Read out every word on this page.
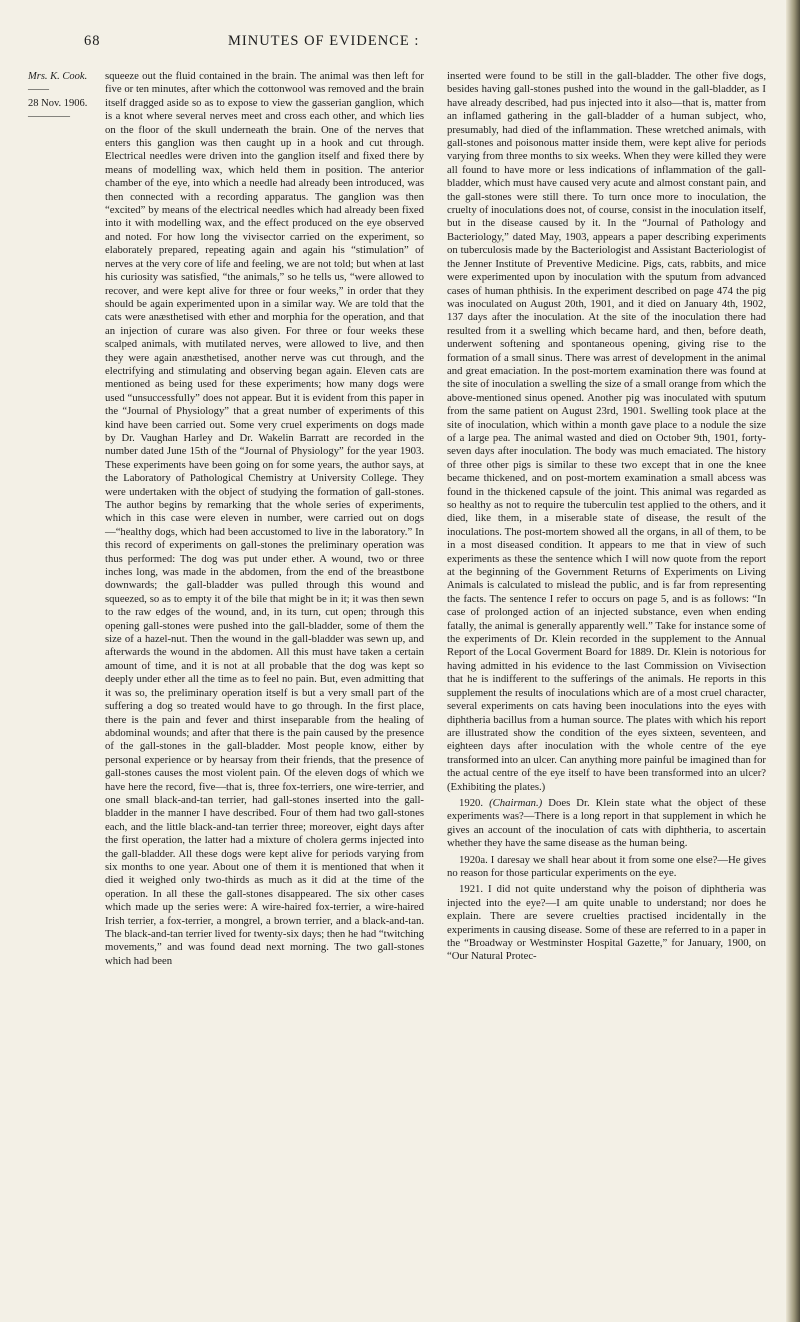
68	MINUTES OF EVIDENCE :
Mrs. K. Cook.
——
28 Nov. 1906.
————

squeeze out the fluid contained in the brain. The animal was then left for five or ten minutes, after which the cottonwool was removed and the brain itself dragged aside so as to expose to view the gasserian ganglion, which is a knot where several nerves meet and cross each other, and which lies on the floor of the skull underneath the brain. One of the nerves that enters this ganglion was then caught up in a hook and cut through. Electrical needles were driven into the ganglion itself and fixed there by means of modelling wax, which held them in position. The anterior chamber of the eye, into which a needle had already been introduced, was then connected with a recording apparatus. The ganglion was then “excited” by means of the electrical needles which had already been fixed into it with modelling wax, and the effect produced on the eye observed and noted. For how long the vivisector carried on the experiment, so elaborately prepared, repeating again and again his “stimulation” of nerves at the very core of life and feeling, we are not told; but when at last his curiosity was satisfied, “the animals,” so he tells us, “were allowed to recover, and were kept alive for three or four weeks,” in order that they should be again experimented upon in a similar way. We are told that the cats were anæsthetised with ether and morphia for the operation, and that an injection of curare was also given. For three or four weeks these scalped animals, with mutilated nerves, were allowed to live, and then they were again anæsthetised, another nerve was cut through, and the electrifying and stimulating and observing began again. Eleven cats are mentioned as being used for these experiments; how many dogs were used “unsuccessfully” does not appear. But it is evident from this paper in the “Journal of Physiology” that a great number of experiments of this kind have been carried out. Some very cruel experiments on dogs made by Dr. Vaughan Harley and Dr. Wakelin Barratt are recorded in the number dated June 15th of the “Journal of Physiology” for the year 1903. These experiments have been going on for some years, the author says, at the Laboratory of Pathological Chemistry at University College. They were undertaken with the object of studying the formation of gall-stones. The author begins by remarking that the whole series of experiments, which in this case were eleven in number, were carried out on dogs—“healthy dogs, which had been accustomed to live in the laboratory.” In this record of experiments on gall-stones the preliminary operation was thus performed: The dog was put under ether. A wound, two or three inches long, was made in the abdomen, from the end of the breastbone downwards; the gall-bladder was pulled through this wound and squeezed, so as to empty it of the bile that might be in it; it was then sewn to the raw edges of the wound, and, in its turn, cut open; through this opening gall-stones were pushed into the gall-bladder, some of them the size of a hazel-nut. Then the wound in the gall-bladder was sewn up, and afterwards the wound in the abdomen. All this must have taken a certain amount of time, and it is not at all probable that the dog was kept so deeply under ether all the time as to feel no pain. But, even admitting that it was so, the preliminary operation itself is but a very small part of the suffering a dog so treated would have to go through. In the first place, there is the pain and fever and thirst inseparable from the healing of abdominal wounds; and after that there is the pain caused by the presence of the gall-stones in the gall-bladder. Most people know, either by personal experience or by hearsay from their friends, that the presence of gall-stones causes the most violent pain. Of the eleven dogs of which we have here the record, five—that is, three fox-terriers, one wire-terrier, and one small black-and-tan terrier, had gall-stones inserted into the gall-bladder in the manner I have described. Four of them had two gall-stones each, and the little black-and-tan terrier three; moreover, eight days after the first operation, the latter had a mixture of cholera germs injected into the gall-bladder. All these dogs were kept alive for periods varying from six months to one year. About one of them it is mentioned that when it died it weighed only two-thirds as much as it did at the time of the operation. In all these the gall-stones disappeared. The six other cases which made up the series were: A wire-haired fox-terrier, a wire-haired Irish terrier, a fox-terrier, a mongrel, a brown terrier, and a black-and-tan. The black-and-tan terrier lived for twenty-six days; then he had “twitching movements,” and was found dead next morning. The two gall-stones which had been

inserted were found to be still in the gall-bladder. The other five dogs, besides having gall-stones pushed into the wound in the gall-bladder, as I have already described, had pus injected into it also—that is, matter from an inflamed gathering in the gall-bladder of a human subject, who, presumably, had died of the inflammation. These wretched animals, with gall-stones and poisonous matter inside them, were kept alive for periods varying from three months to six weeks. When they were killed they were all found to have more or less indications of inflammation of the gall-bladder, which must have caused very acute and almost constant pain, and the gall-stones were still there. To turn once more to inoculation, the cruelty of inoculations does not, of course, consist in the inoculation itself, but in the disease caused by it. In the “Journal of Pathology and Bacteriology,” dated May, 1903, appears a paper describing experiments on tuberculosis made by the Bacteriologist and Assistant Bacteriologist of the Jenner Institute of Preventive Medicine. Pigs, cats, rabbits, and mice were experimented upon by inoculation with the sputum from advanced cases of human phthisis. In the experiment described on page 474 the pig was inoculated on August 20th, 1901, and it died on January 4th, 1902, 137 days after the inoculation. At the site of the inoculation there had resulted from it a swelling which became hard, and then, before death, underwent softening and spontaneous opening, giving rise to the formation of a small sinus. There was arrest of development in the animal and great emaciation. In the post-mortem examination there was found at the site of inoculation a swelling the size of a small orange from which the above-mentioned sinus opened. Another pig was inoculated with sputum from the same patient on August 23rd, 1901. Swelling took place at the site of inoculation, which within a month gave place to a nodule the size of a large pea. The animal wasted and died on October 9th, 1901, forty-seven days after inoculation. The body was much emaciated. The history of three other pigs is similar to these two except that in one the knee became thickened, and on post-mortem examination a small abcess was found in the thickened capsule of the joint. This animal was regarded as so healthy as not to require the tuberculin test applied to the others, and it died, like them, in a miserable state of disease, the result of the inoculations. The post-mortem showed all the organs, in all of them, to be in a most diseased condition. It appears to me that in view of such experiments as these the sentence which I will now quote from the report at the beginning of the Government Returns of Experiments on Living Animals is calculated to mislead the public, and is far from representing the facts. The sentence I refer to occurs on page 5, and is as follows: “In case of prolonged action of an injected substance, even when ending fatally, the animal is generally apparently well.” Take for instance some of the experiments of Dr. Klein recorded in the supplement to the Annual Report of the Local Goverment Board for 1889. Dr. Klein is notorious for having admitted in his evidence to the last Commission on Vivisection that he is indifferent to the sufferings of the animals. He reports in this supplement the results of inoculations which are of a most cruel character, several experiments on cats having been inoculations into the eyes with diphtheria bacillus from a human source. The plates with which his report are illustrated show the condition of the eyes sixteen, seventeen, and eighteen days after inoculation with the whole centre of the eye transformed into an ulcer. Can anything more painful be imagined than for the actual centre of the eye itself to have been transformed into an ulcer? (Exhibiting the plates.)

1920. (Chairman.) Does Dr. Klein state what the object of these experiments was?—There is a long report in that supplement in which he gives an account of the inoculation of cats with diphtheria, to ascertain whether they have the same disease as the human being.

1920a. I daresay we shall hear about it from some one else?—He gives no reason for those particular experiments on the eye.

1921. I did not quite understand why the poison of diphtheria was injected into the eye?—I am quite unable to understand; nor does he explain. There are severe cruelties practised incidentally in the experiments in causing disease. Some of these are referred to in a paper in the “Broadway or Westminster Hospital Gazette,” for January, 1900, on “Our Natural Protec-
